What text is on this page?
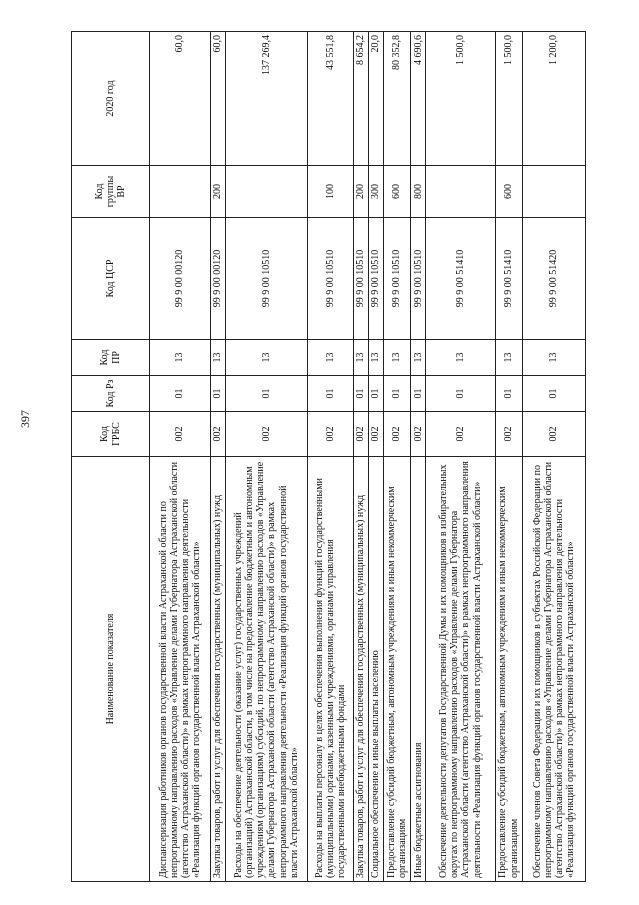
397
Наименование показателя	Код ГРБС	Код Рз	Код ПР	Код ЦСР	Код группы ВР	2020 год
Диспансеризация работников органов государственной власти Астраханской области по непрограммному направлению расходов «Управление делами Губернатора Астраханской области (агентство Астраханской области)» в рамках непрограммного направления деятельности «Реализация функций органов государственной власти Астраханской области»	002	01	13	99 9 00 00120		60,0
Закупка товаров, работ и услуг для обеспечения государственных (муниципальных) нужд	002	01	13	99 9 00 00120	200	60,0
Расходы на обеспечение деятельности (оказание услуг) государственных учреждений (организаций) Астраханской области, в том числе на предоставление бюджетным и автономным учреждениям (организациям) субсидий, по непрограммному направлению расходов «Управление делами Губернатора Астраханской области (агентство Астраханской области)» в рамках непрограммного направления деятельности «Реализация функций органов государственной власти Астраханской области»	002	01	13	99 9 00 10510		137 269,4
Расходы на выплаты персоналу в целях обеспечения выполнения функций государственными (муниципальными) органами, казенными учреждениями, органами управления государственными внебюджетными фондами	002	01	13	99 9 00 10510	100	43 551,8
Закупка товаров, работ и услуг для обеспечения государственных (муниципальных) нужд	002	01	13	99 9 00 10510	200	8 654,2
Социальное обеспечение и иные выплаты населению	002	01	13	99 9 00 10510	300	20,0
Предоставление субсидий бюджетным, автономным учреждениям и иным некоммерческим организациям	002	01	13	99 9 00 10510	600	80 352,8
Иные бюджетные ассигнования	002	01	13	99 9 00 10510	800	4 690,6
Обеспечение деятельности депутатов Государственной Думы и их помощников в избирательных округах по непрограммному направлению расходов «Управление делами Губернатора Астраханской области (агентство Астраханской области)» в рамках непрограммного направления деятельности «Реализация функций органов государственной власти Астраханской области»	002	01	13	99 9 00 51410		1 500,0
Предоставление субсидий бюджетным, автономным учреждениям и иным некоммерческим организациям	002	01	13	99 9 00 51410	600	1 500,0
Обеспечение членов Совета Федерации и их помощников в субъектах Российской Федерации по непрограммному направлению расходов «Управление делами Губернатора Астраханской области (агентство Астраханской области)» в рамках непрограммного направления деятельности «Реализация функций органов государственной власти Астраханской области»	002	01	13	99 9 00 51420		1 200,0
